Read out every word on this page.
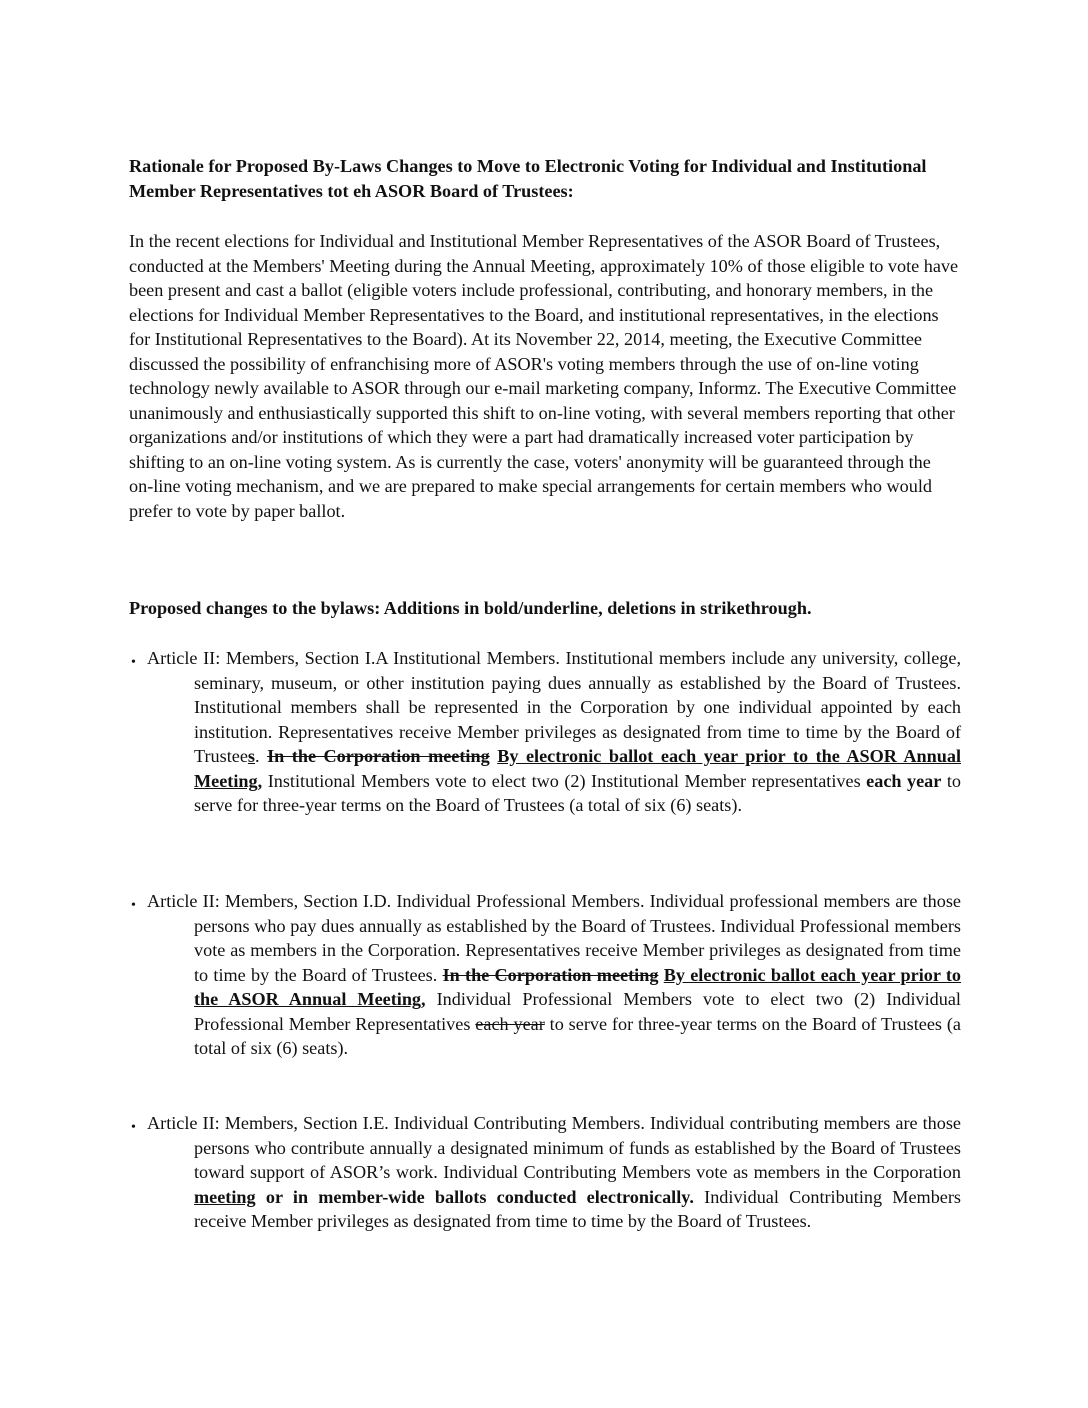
Rationale for Proposed By-Laws Changes to Move to Electronic Voting for Individual and Institutional Member Representatives tot eh ASOR Board of Trustees:

In the recent elections for Individual and Institutional Member Representatives of the ASOR Board of Trustees, conducted at the Members' Meeting during the Annual Meeting, approximately 10% of those eligible to vote have been present and cast a ballot (eligible voters include professional, contributing, and honorary members, in the elections for Individual Member Representatives to the Board, and institutional representatives, in the elections for Institutional Representatives to the Board). At its November 22, 2014, meeting, the Executive Committee discussed the possibility of enfranchising more of ASOR's voting members through the use of on-line voting technology newly available to ASOR through our e-mail marketing company, Informz. The Executive Committee unanimously and enthusiastically supported this shift to on-line voting, with several members reporting that other organizations and/or institutions of which they were a part had dramatically increased voter participation by shifting to an on-line voting system. As is currently the case, voters' anonymity will be guaranteed through the on-line voting mechanism, and we are prepared to make special arrangements for certain members who would prefer to vote by paper ballot.

Proposed changes to the bylaws: Additions in bold/underline, deletions in strikethrough.

• Article II: Members, Section I.A Institutional Members. Institutional members include any university, college, seminary, museum, or other institution paying dues annually as established by the Board of Trustees. Institutional members shall be represented in the Corporation by one individual appointed by each institution. Representatives receive Member privileges as designated from time to time by the Board of Trustees. In the Corporation meeting By electronic ballot each year prior to the ASOR Annual Meeting, Institutional Members vote to elect two (2) Institutional Member representatives each year to serve for three-year terms on the Board of Trustees (a total of six (6) seats).
• Article II: Members, Section I.D. Individual Professional Members. Individual professional members are those persons who pay dues annually as established by the Board of Trustees. Individual Professional members vote as members in the Corporation. Representatives receive Member privileges as designated from time to time by the Board of Trustees. In the Corporation meeting By electronic ballot each year prior to the ASOR Annual Meeting, Individual Professional Members vote to elect two (2) Individual Professional Member Representatives each year to serve for three-year terms on the Board of Trustees (a total of six (6) seats).
• Article II: Members, Section I.E. Individual Contributing Members. Individual contributing members are those persons who contribute annually a designated minimum of funds as established by the Board of Trustees toward support of ASOR’s work. Individual Contributing Members vote as members in the Corporation meeting or in member-wide ballots conducted electronically. Individual Contributing Members receive Member privileges as designated from time to time by the Board of Trustees.
